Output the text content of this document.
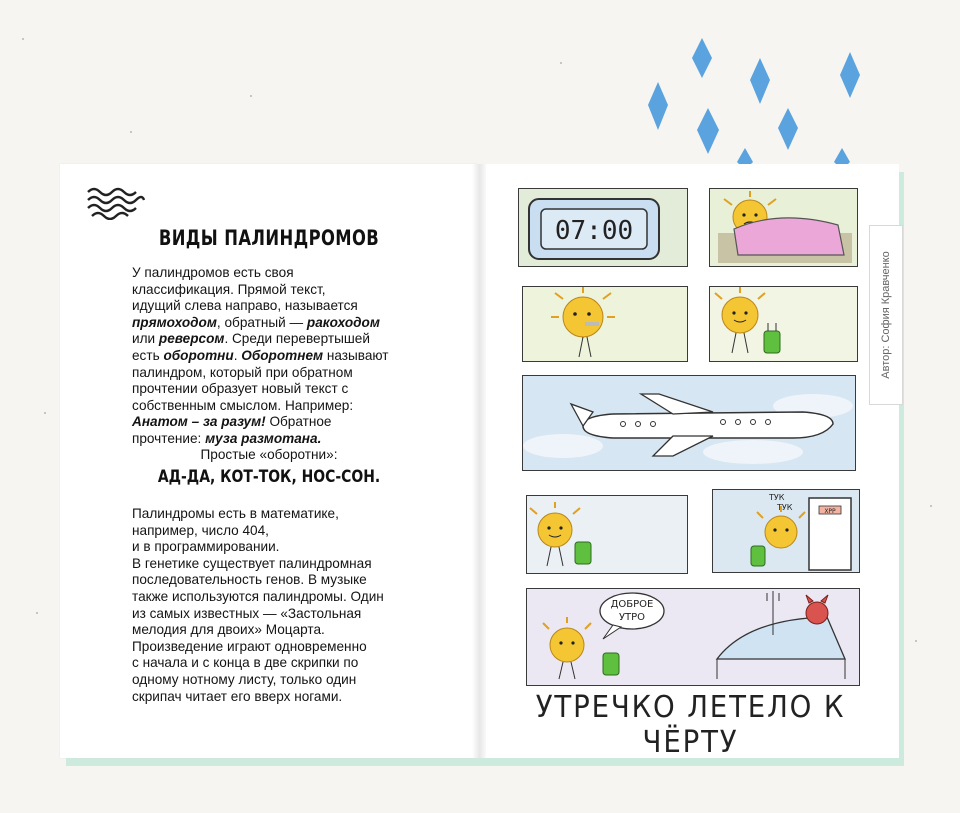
ВИДЫ ПАЛИНДРОМОВ
У палиндромов есть своя
классификация. Прямой текст,
идущий слева направо, называется
прямоходом, обратный — ракоходом
или реверсом. Среди перевертышей
есть оборотни. Оборотнем называют
палиндром, который при обратном
прочтении образует новый текст с
собственным смыслом. Например:
Анатом – за разум! Обратное
прочтение: муза размотана.
Простые «оборотни»:
АД-ДА, КОТ-ТОК, НОС-СОН.
Палиндромы есть в математике,
например, число 404,
и в программировании.
В генетике существует палиндромная
последовательность генов. В музыке
также используются палиндромы. Один
из самых известных — «Застольная
мелодия для двоих» Моцарта.
Произведение играют одновременно
с начала и с конца в две скрипки по
одному нотному листу, только один
скрипач читает его вверх ногами.
Автор: София Кравченко
07:00
ХРР
ТУК
ТУК
ДОБРОЕ
УТРО
УТРЕЧКО ЛЕТЕЛО К ЧЁРТУ
